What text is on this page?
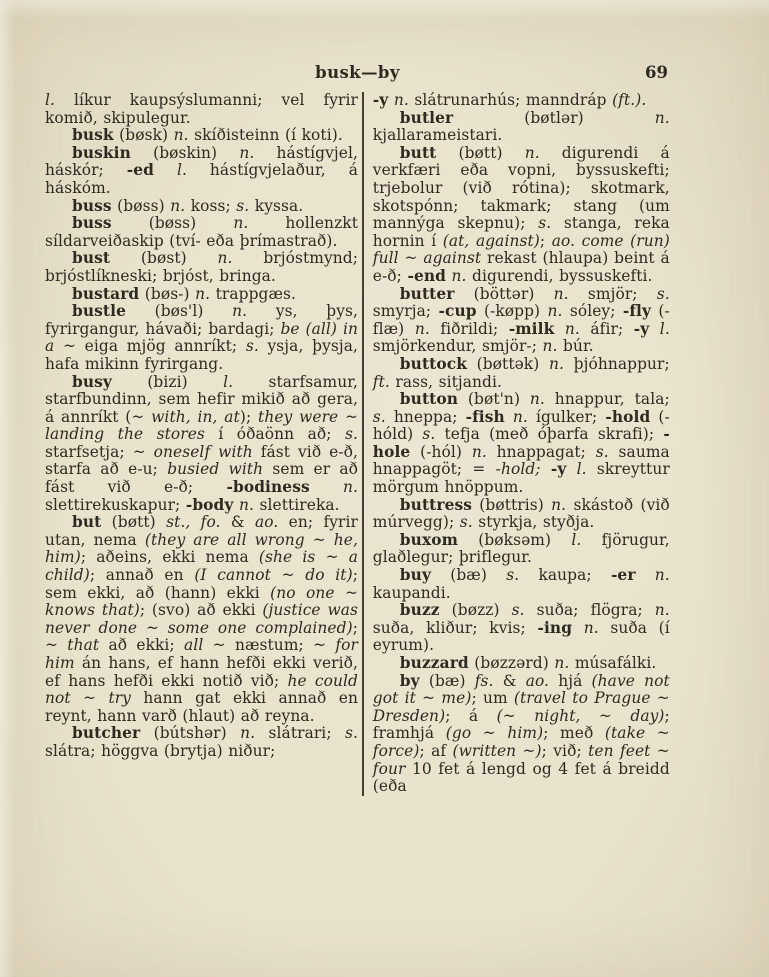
busk—by	69

l. líkur kaupsýslumanni; vel fyrir komið, skipulegur.

busk (bøsk) n. skíðisteinn (í koti).

buskin (bøskin) n. hástígvjel, háskór; -ed l. hástígvjelaður, á háskóm.

buss (bøss) n. koss; s. kyssa.

buss (bøss) n. hollenzkt síldarveiðaskip (tví- eða þrímastrað).

bust (bøst) n. brjóstmynd; brjóstlíkneski; brjóst, bringa.

bustard (bøs-) n. trappgæs.

bustle (bøs'l) n. ys, þys, fyrirgangur, hávaði; bardagi; be (all) in a ~ eiga mjög annríkt; s. ysja, þysja, hafa mikinn fyrirgang.

busy (bizi) l. starfsamur, starfbundinn, sem hefir mikið að gera, á annríkt (~ with, in, at); they were ~ landing the stores í óðaönn að; s. starfsetja; ~ oneself with fást við e-ð, starfa að e-u; busied with sem er að fást við e-ð; -bodiness n. slettirekuskapur; -body n. slettireka.

but (bøtt) st., fo. & ao. en; fyrir utan, nema (they are all wrong ~ he, him); aðeins, ekki nema (she is ~ a child); annað en (I cannot ~ do it); sem ekki, að (hann) ekki (no one ~ knows that); (svo) að ekki (justice was never done ~ some one complained); ~ that að ekki; all ~ næstum; ~ for him án hans, ef hann hefði ekki verið, ef hans hefði ekki notið við; he could not ~ try hann gat ekki annað en reynt, hann varð (hlaut) að reyna.

butcher (bútshər) n. slátrari; s. slátra; höggva (brytja) niður;

-y n. slátrunarhús; manndráp (ft.).

butler (bøtlər) n. kjallarameistari.

butt (bøtt) n. digurendi á verkfæri eða vopni, byssuskefti; trjebolur (við rótina); skotmark, skotspónn; takmark; stang (um mannýga skepnu); s. stanga, reka hornin í (at, against); ao. come (run) full ~ against rekast (hlaupa) beint á e-ð; -end n. digurendi, byssuskefti.

butter (böttər) n. smjör; s. smyrja; -cup (-køpp) n. sóley; -fly (-flæ) n. fiðrildi; -milk n. áfir; -y l. smjörkendur, smjör-; n. búr.

buttock (bøttək) n. þjóhnappur; ft. rass, sitjandi.

button (bøt'n) n. hnappur, tala; s. hneppa; -fish n. ígulker; -hold (-hóld) s. tefja (með óþarfa skrafi); -hole (-hól) n. hnappagat; s. sauma hnappagöt; = -hold; -y l. skreyttur mörgum hnöppum.

buttress (bøttris) n. skástoð (við múrvegg); s. styrkja, styðja.

buxom (bøksəm) l. fjörugur, glaðlegur; þriflegur.

buy (bæ) s. kaupa; -er n. kaupandi.

buzz (bøzz) s. suða; flögra; n. suða, kliður; kvis; -ing n. suða (í eyrum).

buzzard (bøzzərd) n. músafálki.

by (bæ) fs. & ao. hjá (have not got it ~ me); um (travel to Prague ~ Dresden); á (~ night, ~ day); framhjá (go ~ him); með (take ~ force); af (written ~); við; ten feet ~ four 10 fet á lengd og 4 fet á breidd (eða
